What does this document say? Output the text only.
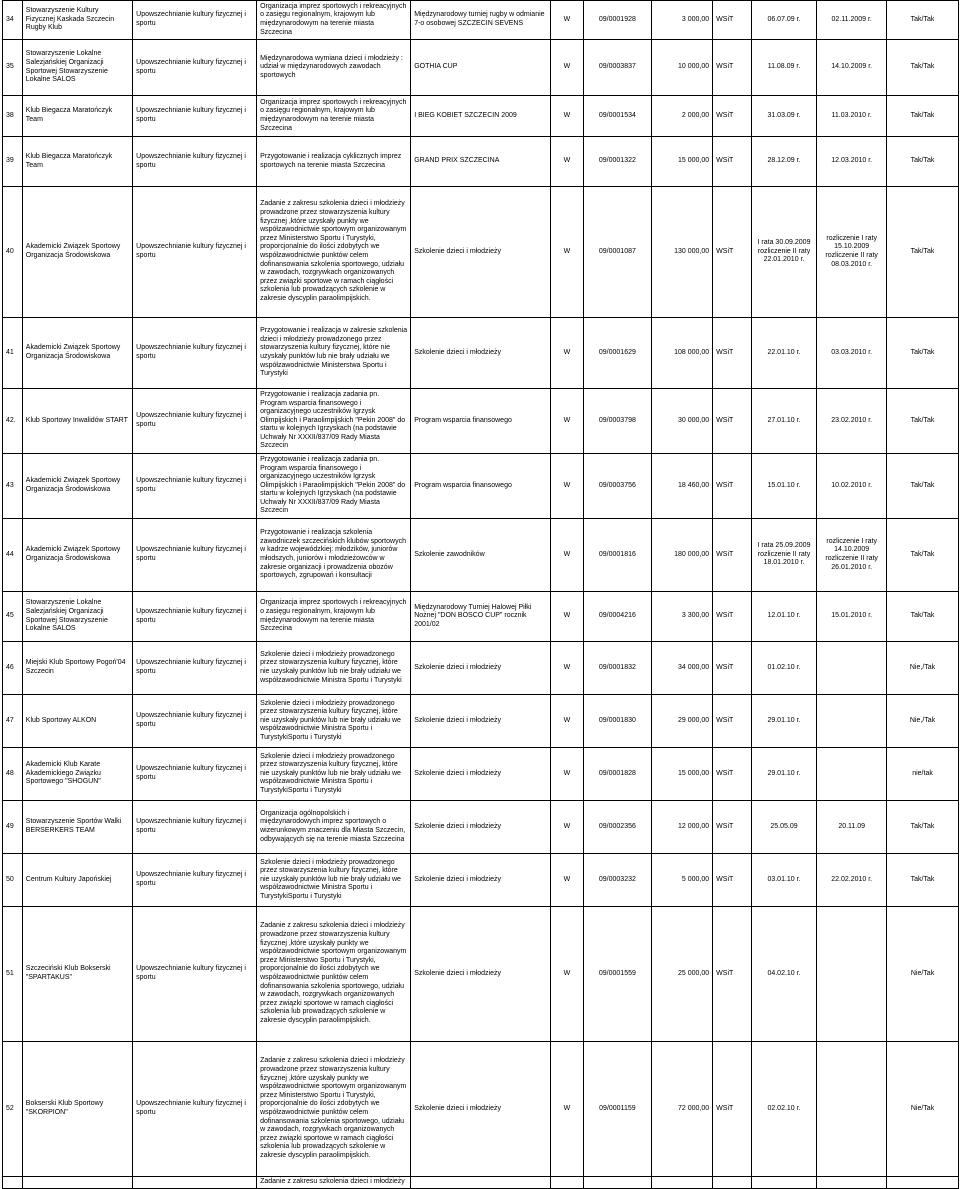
34	Stowarzyszenie Kultury Fizycznej Kaskada Szczecin Rugby Klub	Upowszechnianie kultury fizycznej i sportu	Organizacja imprez sportowych i rekreacyjnych o zasięgu regionalnym, krajowym lub międzynarodowym na terenie miasta Szczecina	Międzynarodowy turniej rugby w odmianie 7-o osobowej SZCZECIN SEVENS	W	09/0001928	3 000,00	WSiT	06.07.09 r.	02.11.2009 r.	Tak/Tak
35	Stowarzyszenie Lokalne Salezjańskiej Organizacji Sportowej Stowarzyszenie Lokalne SALOS	Upowszechnianie kultury fizycznej i sportu	Międzynarodowa wymiana dzieci i młodzieży : udział w międzynarodowych zawodach sportowych	GOTHIA CUP	W	09/0003837	10 000,00	WSiT	11.08.09 r.	14.10.2009 r.	Tak/Tak
38	Klub Biegacza Maratończyk Team	Upowszechnianie kultury fizycznej i sportu	Organizacja imprez sportowych i rekreacyjnych o zasięgu regionalnym, krajowym lub międzynarodowym na terenie miasta Szczecina	I BIEG KOBIET SZCZECIN 2009	W	09/0001534	2 000,00	WSiT	31.03.09 r.	11.03.2010 r.	Tak/Tak
39	Klub Biegacza Maratończyk Team	Upowszechnianie kultury fizycznej i sportu	Przygotowanie i realizacja cyklicznych imprez sportowych na terenie miasta Szczecina	GRAND PRIX SZCZECINA	W	09/0001322	15 000,00	WSiT	28.12.09 r.	12.03.2010 r.	Tak/Tak
40	Akademicki Związek Sportowy Organizacja Środowiskowa	Upowszechnianie kultury fizycznej i sportu	Zadanie z zakresu szkolenia dzieci i młodzieży prowadzone przez stowarzyszenia kultury fizycznej ,które uzyskały punkty we współzawodnictwie sportowym organizowanym przez Ministerstwo Sportu i Turystyki, proporcjonalnie do ilości zdobytych we współzawodnictwie punktów celem dofinansowania szkolenia sportowego, udziału w zawodach, rozgrywkach organizowanych przez związki sportowe w ramach ciągłości szkolenia lub prowadzących szkolenie w zakresie dyscyplin paraolimpijskich.	Szkolenie dzieci i młodzieży	W	09/0001087	130 000,00	WSiT	I rata 30.09.2009 rozliczenie II raty 22.01.2010 r.	rozliczenie I raty 15.10.2009 rozliczenie II raty 08.03.2010 r.	Tak/Tak
41	Akademicki Związek Sportowy Organizacja Środowiskowa	Upowszechnianie kultury fizycznej i sportu	Przygotowanie i realizacja w zakresie szkolenia dzieci i młodzieży prowadzonego przez stowarzyszenia kultury fizycznej, które nie uzyskały punktów lub nie brały udziału we współzawodnictwie Ministerstwa Sportu i Turystyki	Szkolenie dzieci i młodzieży	W	09/0001629	108 000,00	WSiT	22.01.10 r.	03.03.2010 r.	Tak/Tak
42.	Klub Sportowy Inwalidów START	Upowszechnianie kultury fizycznej i sportu	Przygotowanie i realizacja zadania pn. Program wsparcia finansowego i organizacyjnego uczestników Igrzysk Olimpijskich i Paraolimpijskich "Pekin 2008" do startu w kolejnych Igrzyskach (na podstawie Uchwały Nr XXXII/837/09 Rady Miasta Szczecin	Program wsparcia finansowego	W	09/0003798	30 000,00	WSiT	27.01.10 r.	23.02.2010 r.	Tak/Tak
43	Akademicki Związek Sportowy Organizacja Środowiskowa	Upowszechnianie kultury fizycznej i sportu	Przygotowanie i realizacja zadania pn. Program wsparcia finansowego i organizacyjnego uczestników Igrzysk Olimpijskich i Paraolimpijskich "Pekin 2008" do startu w kolejnych Igrzyskach (na podstawie Uchwały Nr XXXII/837/09 Rady Miasta Szczecin	Program wsparcia finansowego	W	09/0003756	18 460,00	WSiT	15.01.10 r.	10.02.2010 r.	Tak/Tak
44	Akademicki Związek Sportowy Organizacja Środowiskowa	Upowszechnianie kultury fizycznej i sportu	Przygotowanie i realizacja szkolenia zawodniczek szczecińskich klubów sportowych w kadrze wojewódzkiej: młodzików, juniorów młodszych, juniorów i młodzieżowców w zakresie organizacji i prowadzenia obozów sportowych, zgrupowań i konsultacji	Szkolenie zawodników	W	09/0001816	180 000,00	WSiT	I rata 25.09.2009 rozliczenie II raty 18.01.2010 r.	rozliczenie I raty 14.10.2009 rozliczenie II raty 26.01.2010 r.	Tak/Tak
45	Stowarzyszenie Lokalne Salezjańskiej Organizacji Sportowej Stowarzyszenie Lokalne SALOS	Upowszechnianie kultury fizycznej i sportu	Organizacja imprez sportowych i rekreacyjnych o zasięgu regionalnym, krajowym lub międzynarodowym na terenie miasta Szczecina	Międzynarodowy Turniej Halowej Piłki Nożnej "DON BOSCO CUP" rocznik 2001/02	W	09/0004216	3 300,00	WSiT	12.01.10 r.	15.01.2010 r.	Tak/Tak
46	Miejski Klub Sportowy Pogoń'04 Szczecin	Upowszechnianie kultury fizycznej i sportu	Szkolenie dzieci i młodzieży prowadzonego przez stowarzyszenia kultury fizycznej, które nie uzyskały punktów lub nie brały udziału we współzawodnictwie Ministra Sportu i Turystyki	Szkolenie dzieci i młodzieży	W	09/0001832	34 000,00	WSiT	01.02.10 r.		Nie,/Tak
47	Klub Sportowy ALKON	Upowszechnianie kultury fizycznej i sportu	Szkolenie dzieci i młodzieży prowadzonego przez stowarzyszenia kultury fizycznej, które nie uzyskały punktów lub nie brały udziału we współzawodnictwie Ministra Sportu i TurystykiSportu i Turystyki	Szkolenie dzieci i młodzieży	W	09/0001830	29 000,00	WSiT	29.01.10 r.		Nie,/Tak
48	Akademicki Klub Karate Akademickiego Związku Sportowego "SHOGUN"	Upowszechnianie kultury fizycznej i sportu	Szkolenie dzieci i młodzieży prowadzonego przez stowarzyszenia kultury fizycznej, które nie uzyskały punktów lub nie brały udziału we współzawodnictwie Ministra Sportu i TurystykiSportu i Turystyki	Szkolenie dzieci i młodzieży	W	09/0001828	15 000,00	WSiT	29.01.10 r.		nie/tak
49	Stowarzyszenie Sportów Walki BERSERKERS TEAM	Upowszechnianie kultury fizycznej i sportu	Organizacja ogólnopolskich i międzynarodowych imprez sportowych o wizerunkowym znaczeniu dla Miasta Szczecin, odbywających się na terenie miasta Szczecina	Szkolenie dzieci i młodzieży	W	09/0002356	12 000,00	WSiT	25.05.09	20.11.09	Tak/Tak
50	Centrum Kultury Japońskiej	Upowszechnianie kultury fizycznej i sportu	Szkolenie dzieci i młodzieży prowadzonego przez stowarzyszenia kultury fizycznej, które nie uzyskały punktów lub nie brały udziału we współzawodnictwie Ministra Sportu i TurystykiSportu i Turystyki	Szkolenie dzieci i młodzieży	W	09/0003232	5 000,00	WSiT	03.01.10 r.	22.02.2010 r.	Tak/Tak
51	Szczeciński Klub Bokserski "SPARTAKUS"	Upowszechnianie kultury fizycznej i sportu	Zadanie z zakresu szkolenia dzieci i młodzieży prowadzone przez stowarzyszenia kultury fizycznej ,które uzyskały punkty we współzawodnictwie sportowym organizowanym przez Ministerstwo Sportu i Turystyki, proporcjonalnie do ilości zdobytych we współzawodnictwie punktów celem dofinansowania szkolenia sportowego, udziału w zawodach, rozgrywkach organizowanych przez związki sportowe w ramach ciągłości szkolenia lub prowadzących szkolenie w zakresie dyscyplin paraolimpijskich.	Szkolenie dzieci i młodzieży	W	09/0001559	25 000,00	WSiT	04.02.10 r.		Nie/Tak
52	Bokserski Klub Sportowy "SKORPION"	Upowszechnianie kultury fizycznej i sportu	Zadanie z zakresu szkolenia dzieci i młodzieży prowadzone przez stowarzyszenia kultury fizycznej ,które uzyskały punkty we współzawodnictwie sportowym organizowanym przez Ministerstwo Sportu i Turystyki, proporcjonalnie do ilości zdobytych we współzawodnictwie punktów celem dofinansowania szkolenia sportowego, udziału w zawodach, rozgrywkach organizowanych przez związki sportowe w ramach ciągłości szkolenia lub prowadzących szkolenie w zakresie dyscyplin paraolimpijskich.	Szkolenie dzieci i młodzieży	W	09/0001159	72 000,00	WSiT	02.02.10 r.		Nie/Tak
			Zadanie z zakresu szkolenia dzieci i młodzieży								
